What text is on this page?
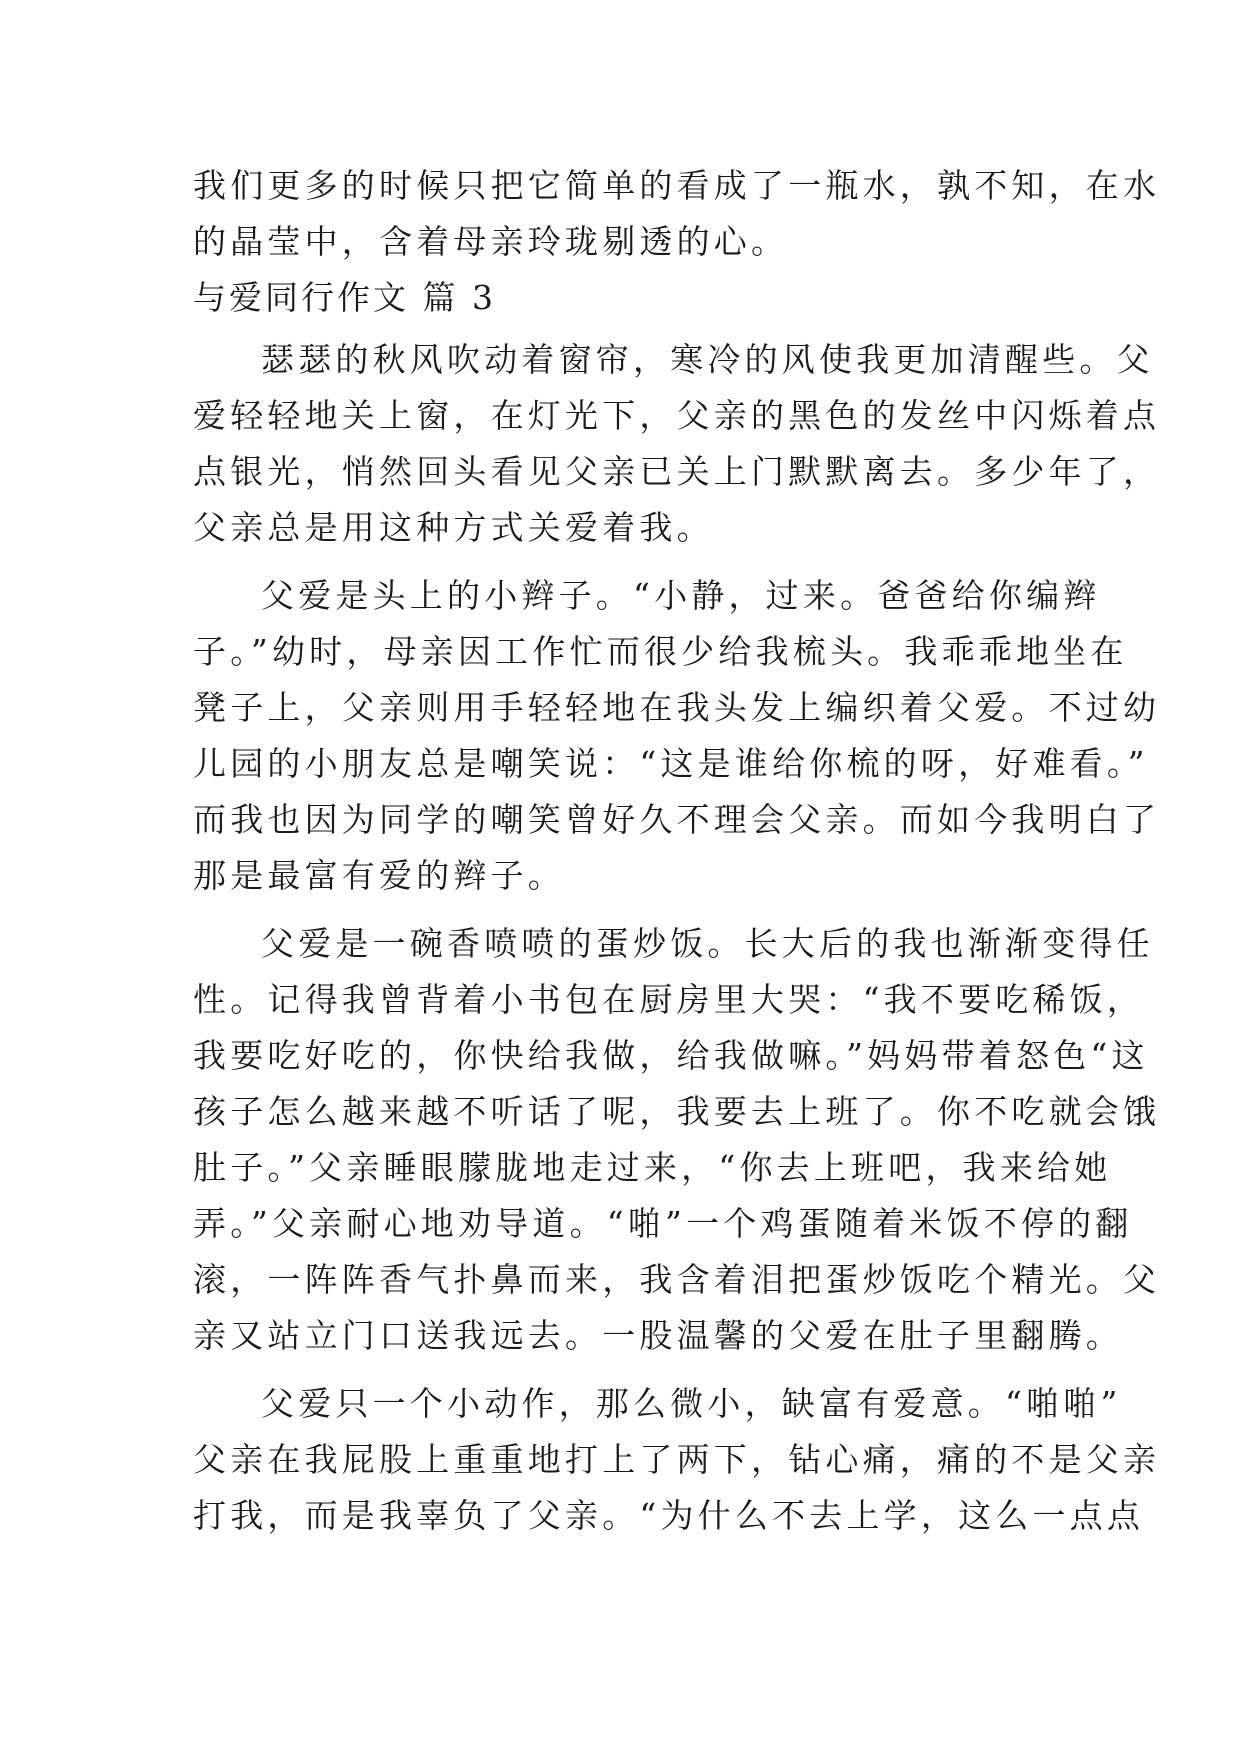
我们更多的时候只把它简单的看成了一瓶水，孰不知，在水
的晶莹中，含着母亲玲珑剔透的心。
与爱同行作文 篇 3
瑟瑟的秋风吹动着窗帘，寒冷的风使我更加清醒些。父
爱轻轻地关上窗，在灯光下，父亲的黑色的发丝中闪烁着点
点银光，悄然回头看见父亲已关上门默默离去。多少年了，
父亲总是用这种方式关爱着我。
父爱是头上的小辫子。“小静，过来。爸爸给你编辫
子。”幼时，母亲因工作忙而很少给我梳头。我乖乖地坐在
凳子上，父亲则用手轻轻地在我头发上编织着父爱。不过幼
儿园的小朋友总是嘲笑说：“这是谁给你梳的呀，好难看。”
而我也因为同学的嘲笑曾好久不理会父亲。而如今我明白了
那是最富有爱的辫子。
父爱是一碗香喷喷的蛋炒饭。长大后的我也渐渐变得任
性。记得我曾背着小书包在厨房里大哭：“我不要吃稀饭，
我要吃好吃的，你快给我做，给我做嘛。”妈妈带着怒色“这
孩子怎么越来越不听话了呢，我要去上班了。你不吃就会饿
肚子。”父亲睡眼朦胧地走过来，“你去上班吧，我来给她
弄。”父亲耐心地劝导道。“啪”一个鸡蛋随着米饭不停的翻
滚，一阵阵香气扑鼻而来，我含着泪把蛋炒饭吃个精光。父
亲又站立门口送我远去。一股温馨的父爱在肚子里翻腾。
父爱只一个小动作，那么微小，缺富有爱意。“啪啪”
父亲在我屁股上重重地打上了两下，钻心痛，痛的不是父亲
打我，而是我辜负了父亲。“为什么不去上学，这么一点点
